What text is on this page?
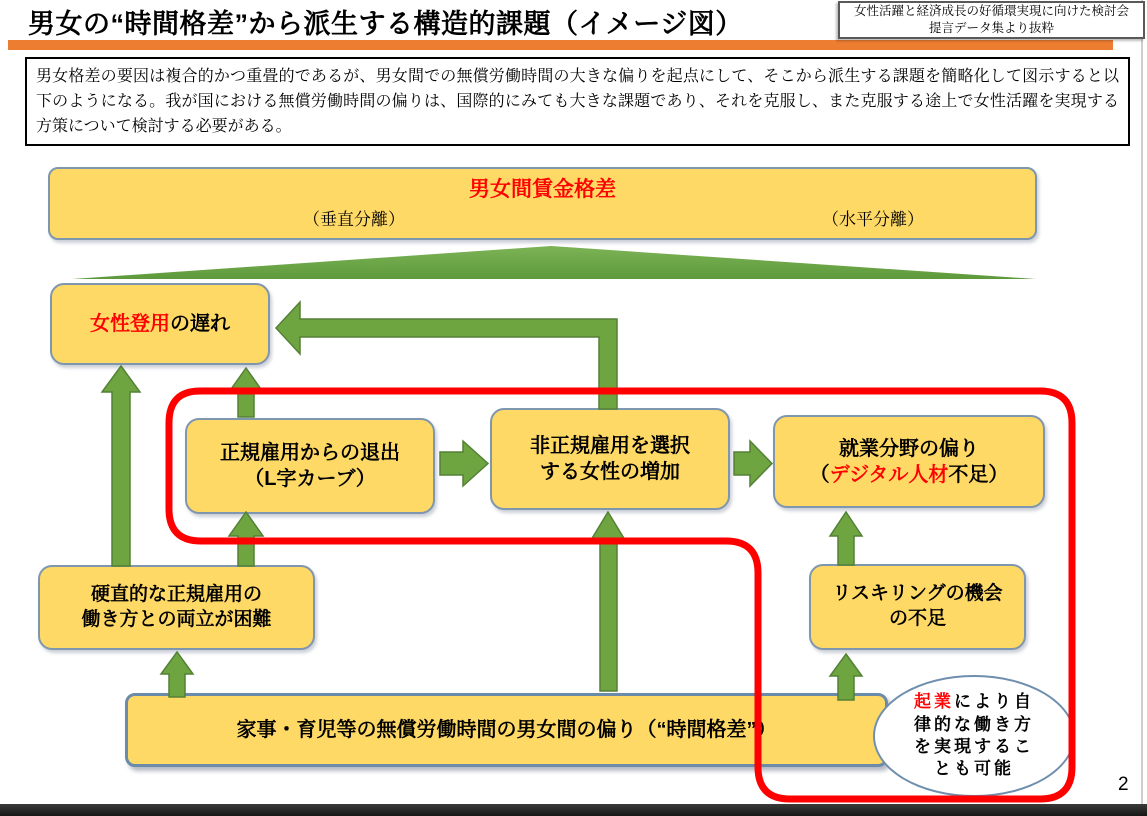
男女の“時間格差”から派生する構造的課題（イメージ図）	女性活躍と経済成長の好循環実現に向けた検討会
提言データ集より抜粋
男女格差の要因は複合的かつ重畳的であるが、男女間での無償労働時間の大きな偏りを起点にして、そこから派生する課題を簡略化して図示すると以下のようになる。我が国における無償労働時間の偏りは、国際的にみても大きな課題であり、それを克服し、また克服する途上で女性活躍を実現する方策について検討する必要がある。
男女間賃金格差
（垂直分離）	（水平分離）
女性登用の遅れ
正規雇用からの退出
（L字カーブ）
非正規雇用を選択
する女性の増加
就業分野の偏り
（デジタル人材不足）
リスキリングの機会
の不足
硬直的な正規雇用の
働き方との両立が困難
家事・育児等の無償労働時間の男女間の偏り（“時間格差”）
起業により自律的な働き方を実現することも可能
2
